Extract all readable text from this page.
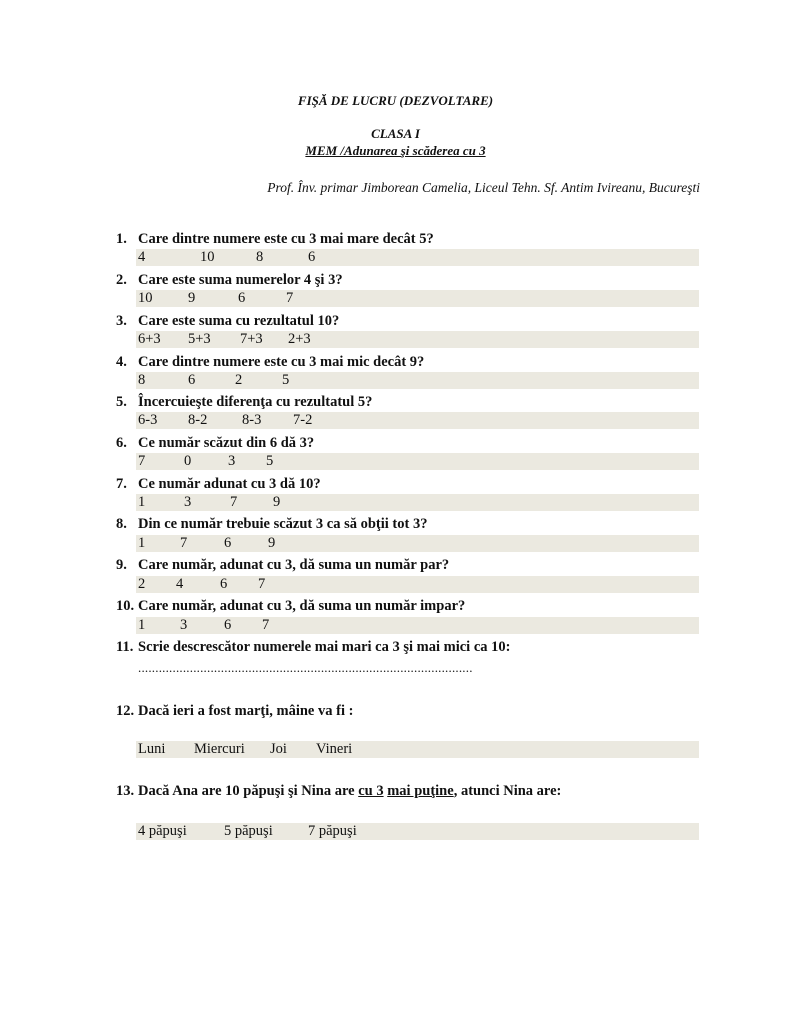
FIŞĂ DE LUCRU (DEZVOLTARE)
CLASA I
MEM /Adunarea şi scăderea cu 3
Prof. Înv. primar Jimborean Camelia, Liceul Tehn. Sf. Antim Ivireanu, Bucureşti
1. Care dintre numere este cu 3 mai mare decât 5?
4	10	8	6
2. Care este suma numerelor 4 şi 3?
10 9	6	7
3. Care este suma cu rezultatul 10?
6+3 5+3 7+3 2+3
4. Care dintre numere este cu 3 mai mic decât 9?
8	6	2	5
5. Încercuieşte diferenţa cu rezultatul 5?
6-3 8-2 8-3 7-2
6. Ce număr scăzut din 6 dă 3?
7	0	3 5
7. Ce număr adunat cu 3 dă 10?
1	3	7 9
8. Din ce număr trebuie scăzut 3 ca să obţii tot 3?
1 7	6	9
9. Care număr, adunat cu 3, dă suma un număr par?
2 4	6 7
10. Care număr, adunat cu 3, dă suma un număr impar?
1 3	6 7
11. Scrie descrescător numerele mai mari ca 3 şi mai mici ca 10:
.................................................................................................
12. Dacă ieri a fost marţi, mâine va fi :
Luni Miercuri Joi Vineri
13. Dacă Ana are 10 păpuşi şi Nina are cu 3 mai puţine, atunci Nina are:
4 păpuşi	5 păpuşi 7 păpuşi
